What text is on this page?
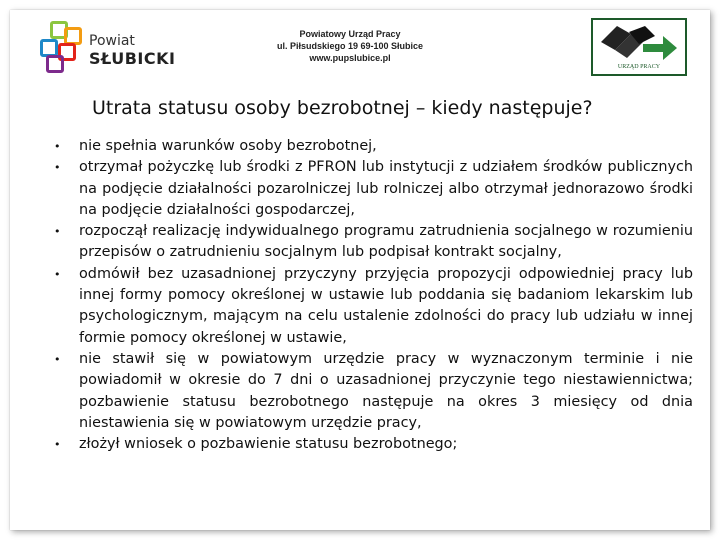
Powiat
SŁUBICKI
Powiatowy Urząd Pracy
ul. Piłsudskiego 19 69-100 Słubice
www.pupslubice.pl
URZĄD PRACY
Utrata statusu osoby bezrobotnej – kiedy następuje?
• nie spełnia warunków osoby bezrobotnej,
• otrzymał pożyczkę lub środki z PFRON lub instytucji z udziałem środków publicznych na podjęcie działalności pozarolniczej lub rolniczej albo otrzymał jednorazowo środki na podjęcie działalności gospodarczej,
• rozpoczął realizację indywidualnego programu zatrudnienia socjalnego w rozumieniu przepisów o zatrudnieniu socjalnym lub podpisał kontrakt socjalny,
• odmówił bez uzasadnionej przyczyny przyjęcia propozycji odpowiedniej pracy lub innej formy pomocy określonej w ustawie lub poddania się badaniom lekarskim lub psychologicznym, mającym na celu ustalenie zdolności do pracy lub udziału w innej formie pomocy określonej w ustawie,
• nie stawił się w powiatowym urzędzie pracy w wyznaczonym terminie i nie powiadomił w okresie do 7 dni o uzasadnionej przyczynie tego niestawiennictwa; pozbawienie statusu bezrobotnego następuje na okres 3 miesięcy od dnia niestawienia się w powiatowym urzędzie pracy,
• złożył wniosek o pozbawienie statusu bezrobotnego;
